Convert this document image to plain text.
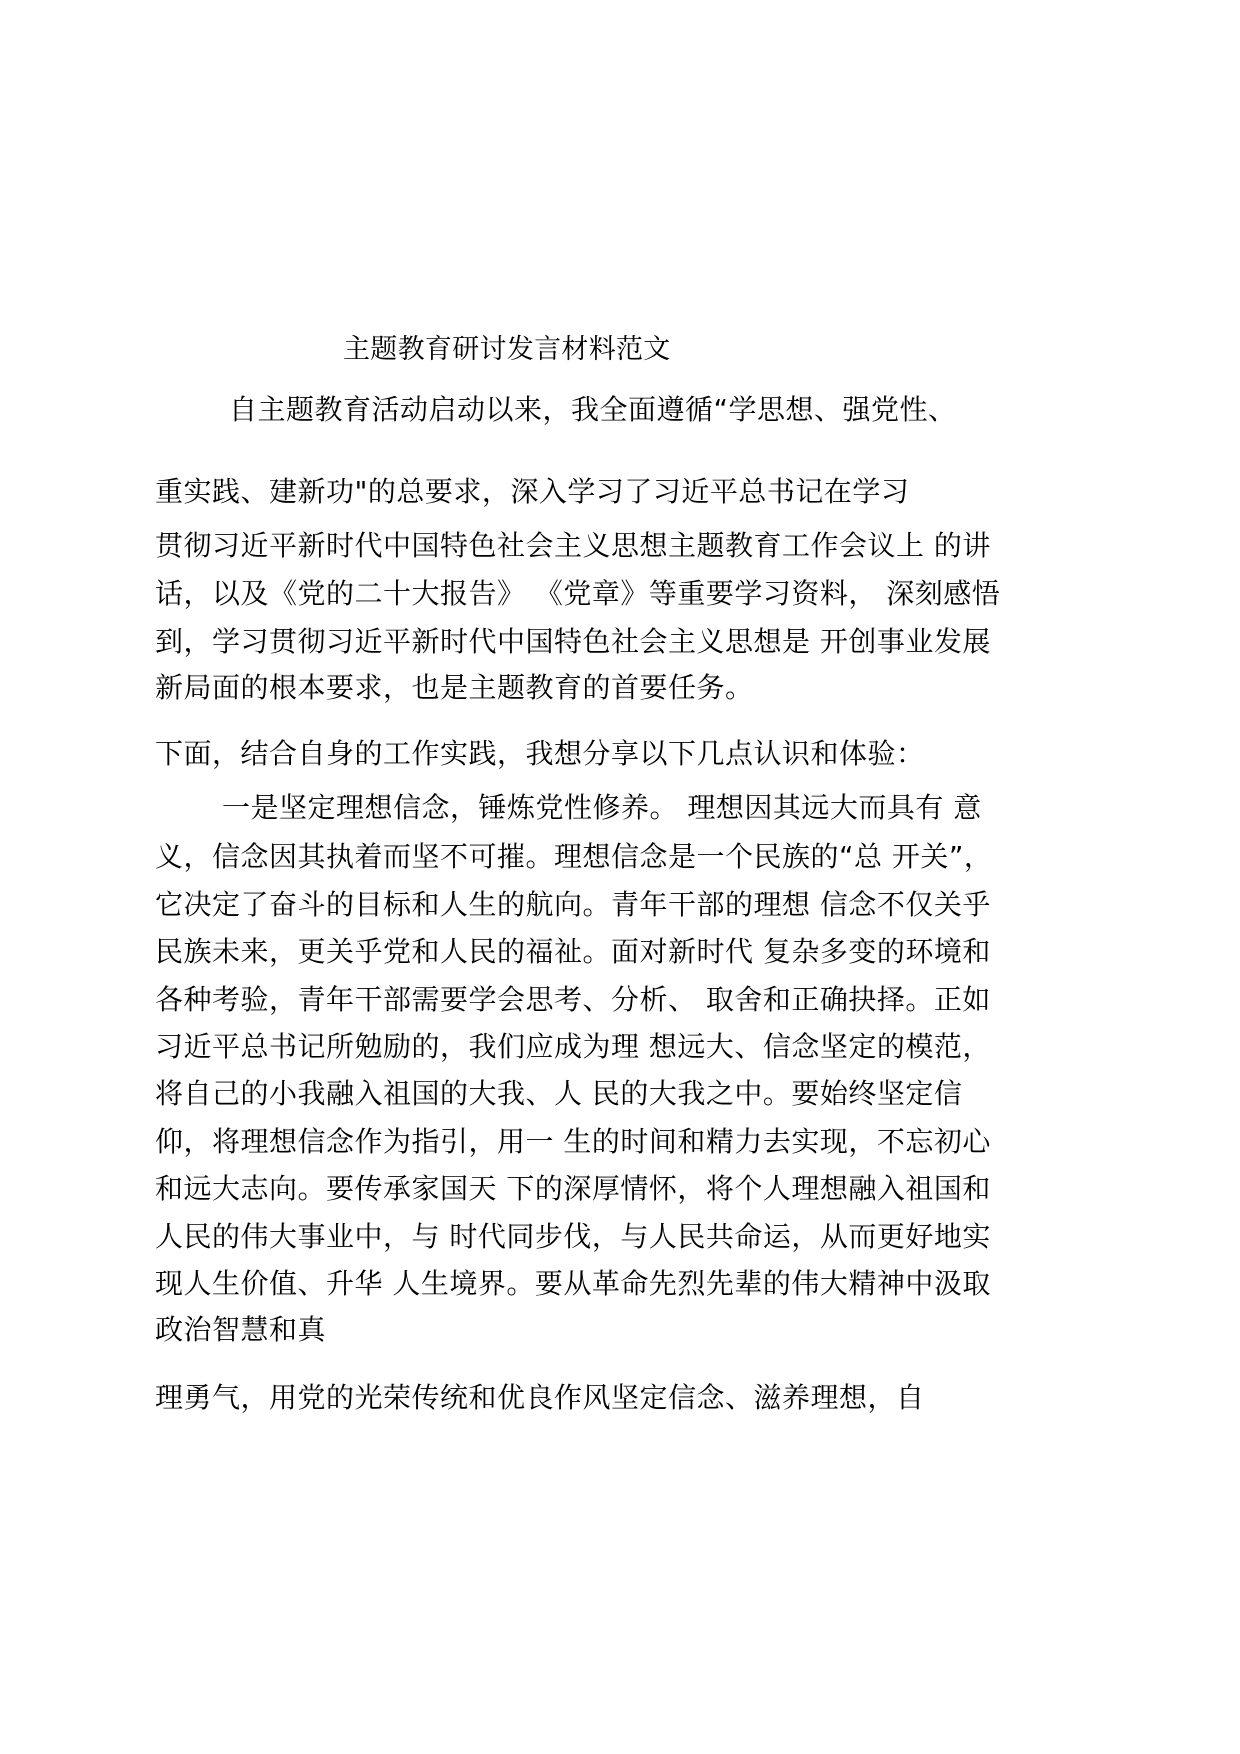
主题教育研讨发言材料范文
自主题教育活动启动以来，我全面遵循“学思想、强党性、
重实践、建新功"的总要求，深入学习了习近平总书记在学习
贯彻习近平新时代中国特色社会主义思想主题教育工作会议上 的讲
话，以及《党的二十大报告》 《党章》等重要学习资料， 深刻感悟
到，学习贯彻习近平新时代中国特色社会主义思想是 开创事业发展
新局面的根本要求，也是主题教育的首要任务。
下面，结合自身的工作实践，我想分享以下几点认识和体验：
一是坚定理想信念，锤炼党性修养。 理想因其远大而具有 意
义，信念因其执着而坚不可摧。理想信念是一个民族的“总 开关”，
它决定了奋斗的目标和人生的航向。青年干部的理想 信念不仅关乎
民族未来，更关乎党和人民的福祉。面对新时代 复杂多变的环境和
各种考验，青年干部需要学会思考、分析、 取舍和正确抉择。正如
习近平总书记所勉励的，我们应成为理 想远大、信念坚定的模范，
将自己的小我融入祖国的大我、人 民的大我之中。要始终坚定信
仰，将理想信念作为指引，用一 生的时间和精力去实现，不忘初心
和远大志向。要传承家国天 下的深厚情怀，将个人理想融入祖国和
人民的伟大事业中，与 时代同步伐，与人民共命运，从而更好地实
现人生价值、升华 人生境界。要从革命先烈先辈的伟大精神中汲取
政治智慧和真
理勇气，用党的光荣传统和优良作风坚定信念、滋养理想，自
